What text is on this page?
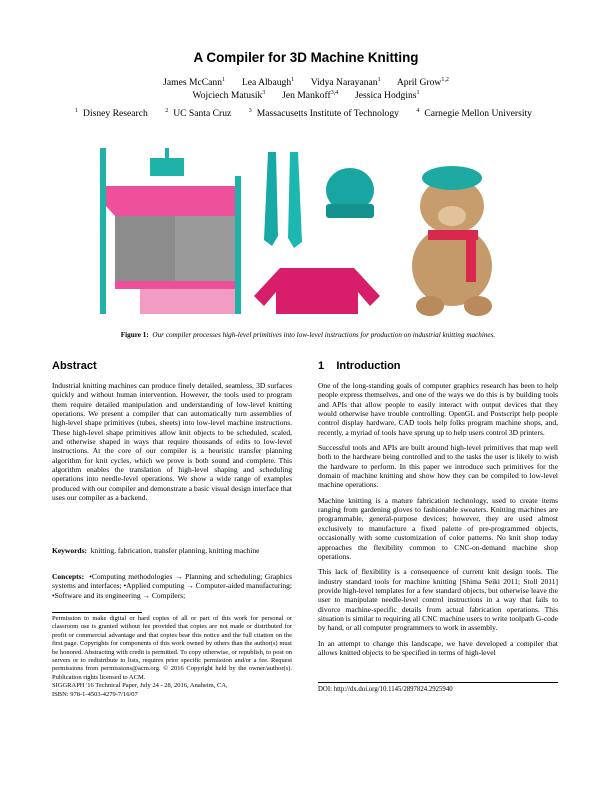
A Compiler for 3D Machine Knitting
James McCann$^1$ Lea Albaugh$^1$ Vidya Narayanan$^1$ April Grow$^{1,2}$
Wojciech Matusik$^3$ Jen Mankoff$^{3,4}$ Jessica Hodgins$^1$
$^1$ Disney Research	$^2$ UC Santa Cruz	$^3$ Massacusetts Institute of Technology	$^4$ Carnegie Mellon University
Figure 1: Our compiler processes high-level primitives into low-level instructions for production on industrial knitting machines.
Abstract

Industrial knitting machines can produce finely detailed, seamless, 3D surfaces quickly and without human intervention. However, the tools used to program them require detailed manipulation and understanding of low-level knitting operations. We present a compiler that can automatically turn assemblies of high-level shape primitives (tubes, sheets) into low-level machine instructions. These high-level shape primitives allow knit objects to be scheduled, scaled, and otherwise shaped in ways that require thousands of edits to low-level instructions. At the core of our compiler is a heuristic transfer planning algorithm for knit cycles, which we prove is both sound and complete. This algorithm enables the translation of high-level shaping and scheduling operations into needle-level operations. We show a wide range of examples produced with our compiler and demonstrate a basic visual design interface that uses our compiler as a backend.

Keywords: knitting, fabrication, transfer planning, knitting machine
Concepts: •Computing methodologies → Planning and scheduling; Graphics systems and interfaces; •Applied computing → Computer-aided manufacturing; •Software and its engineering → Compilers;
Permission to make digital or hard copies of all or part of this work for personal or classroom use is granted without fee provided that copies are not made or distributed for profit or commercial advantage and that copies bear this notice and the full citation on the first page. Copyrights for components of this work owned by others than the author(s) must be honored. Abstracting with credit is permitted. To copy otherwise, or republish, to post on servers or to redistribute to lists, requires prior specific permission and/or a fee. Request permissions from permissions@acm.org. © 2016 Copyright held by the owner/author(s). Publication rights licensed to ACM.
SIGGRAPH '16 Technical Paper, July 24 - 28, 2016, Anaheim, CA,
ISBN: 978-1-4503-4279-7/16/07
1 Introduction

One of the long-standing goals of computer graphics research has been to help people express themselves, and one of the ways we do this is by building tools and APIs that allow people to easily interact with output devices that they would otherwise have trouble controlling. OpenGL and Postscript help people control display hardware, CAD tools help folks program machine shops, and, recently, a myriad of tools have sprung up to help users control 3D printers.

Successful tools and APIs are built around high-level primitives that map well both to the hardware being controlled and to the tasks the user is likely to wish the hardware to perform. In this paper we introduce such primitives for the domain of machine knitting and show how they can be compiled to low-level machine operations.

Machine knitting is a mature fabrication technology, used to create items ranging from gardening gloves to fashionable sweaters. Knitting machines are programmable, general-purpose devices; however, they are used almost exclusively to manufacture a fixed palette of pre-programmed objects, occasionally with some customization of color patterns. No knit shop today approaches the flexibility common to CNC-on-demand machine shop operations.

This lack of flexibility is a consequence of current knit design tools. The industry standard tools for machine knitting [Shima Seiki 2011; Stoll 2011] provide high-level templates for a few standard objects, but otherwise leave the user to manipulate needle-level control instructions in a way that fails to divorce machine-specific details from actual fabrication operations. This situation is similar to requiring all CNC machine users to write toolpath G-code by hand, or all computer programmers to work in assembly.

In an attempt to change this landscape, we have developed a compiler that allows knitted objects to be specified in terms of high-level

DOI: http://dx.doi.org/10.1145/2897824.2925940
